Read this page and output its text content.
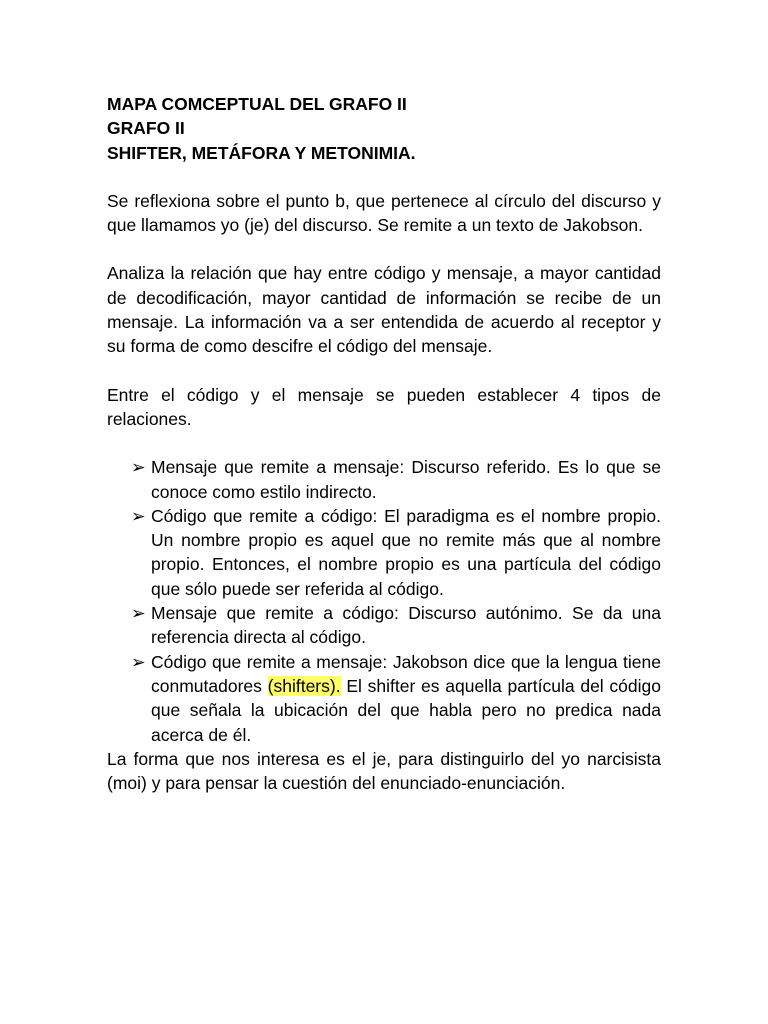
MAPA COMCEPTUAL DEL GRAFO II
GRAFO II
SHIFTER, METÁFORA Y METONIMIA.

Se reflexiona sobre el punto b, que pertenece al círculo del discurso y que llamamos yo (je) del discurso. Se remite a un texto de Jakobson.

Analiza la relación que hay entre código y mensaje, a mayor cantidad de decodificación, mayor cantidad de información se recibe de un mensaje. La información va a ser entendida de acuerdo al receptor y su forma de como descifre el código del mensaje.

Entre el código y el mensaje se pueden establecer 4 tipos de relaciones.

➢ Mensaje que remite a mensaje: Discurso referido. Es lo que se conoce como estilo indirecto.
➢ Código que remite a código: El paradigma es el nombre propio. Un nombre propio es aquel que no remite más que al nombre propio. Entonces, el nombre propio es una partícula del código que sólo puede ser referida al código.
➢ Mensaje que remite a código: Discurso autónimo. Se da una referencia directa al código.
➢ Código que remite a mensaje: Jakobson dice que la lengua tiene conmutadores (shifters). El shifter es aquella partícula del código que señala la ubicación del que habla pero no predica nada acerca de él.

La forma que nos interesa es el je, para distinguirlo del yo narcisista (moi) y para pensar la cuestión del enunciado-enunciación.
